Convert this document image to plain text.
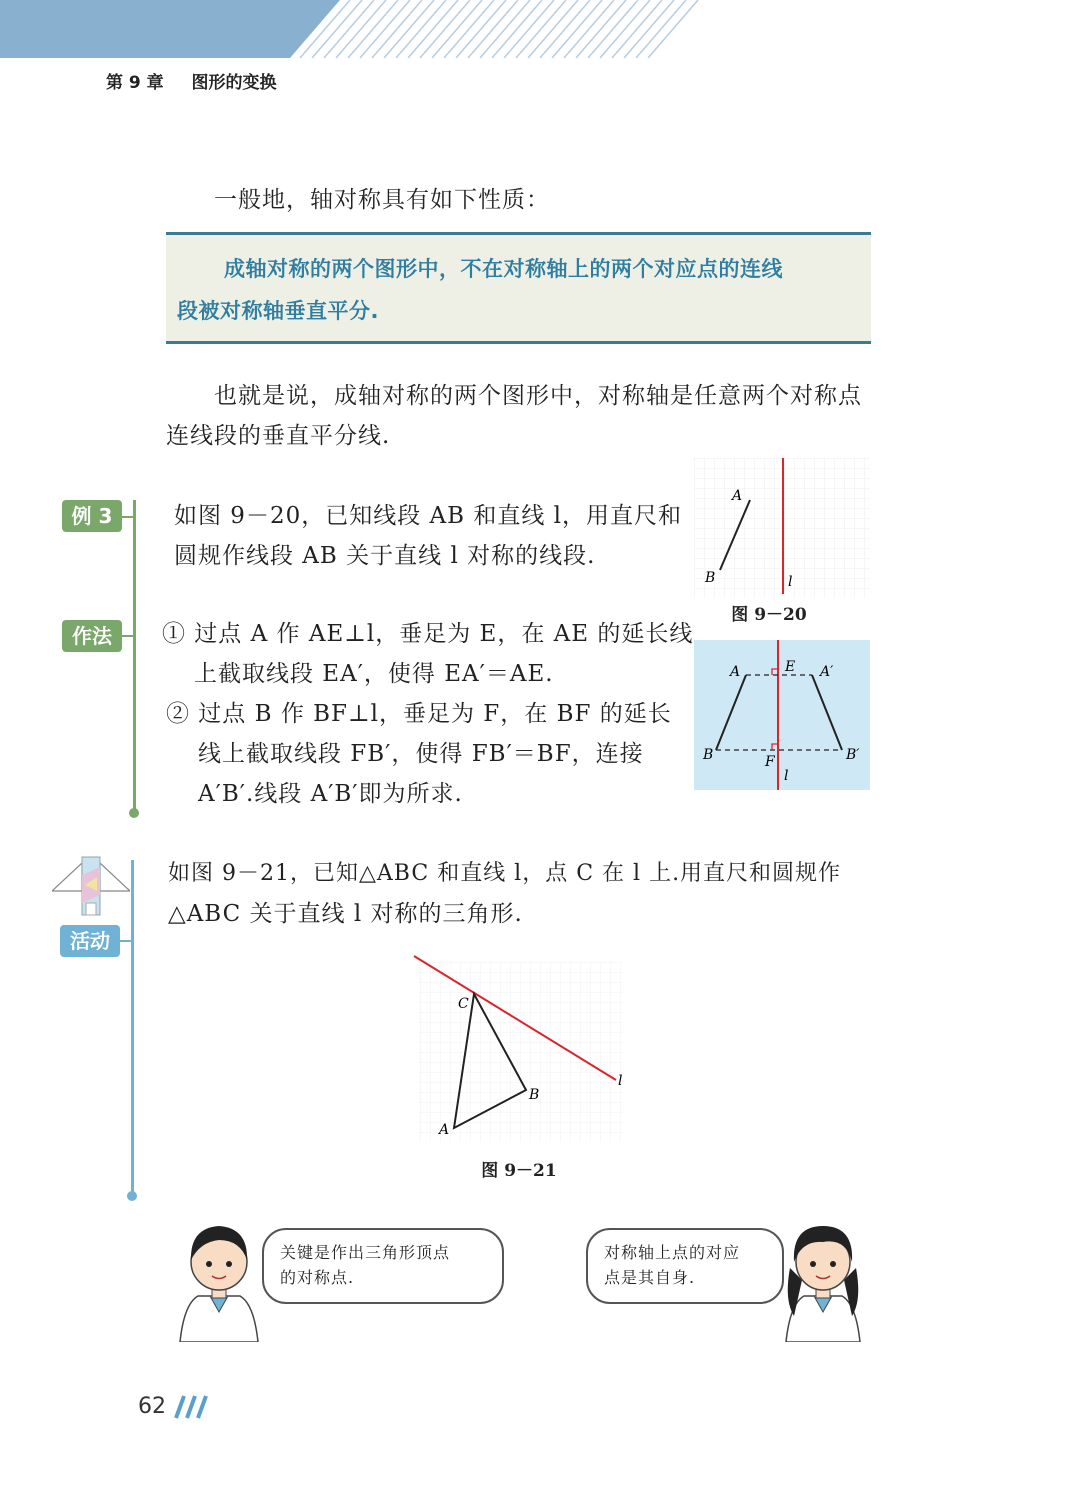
第 9 章 图形的变换
一般地，轴对称具有如下性质：
成轴对称的两个图形中，不在对称轴上的两个对应点的连线
段被对称轴垂直平分.
也就是说，成轴对称的两个图形中，对称轴是任意两个对称点
连线段的垂直平分线.
例 3	如图 9－20，已知线段 AB 和直线 l，用直尺和
圆规作线段 AB 关于直线 l 对称的线段.
作法	① 过点 A 作 AE⊥l，垂足为 E，在 AE 的延长线
上截取线段 EA′，使得 EA′＝AE.
② 过点 B 作 BF⊥l，垂足为 F，在 BF 的延长
线上截取线段 FB′，使得 FB′＝BF，连接
A′B′.线段 A′B′即为所求.
A
B	l
图 9－20
A	E A′
B	F	B′
l
活动
如图 9－21，已知△ABC 和直线 l，点 C 在 l 上.用直尺和圆规作
△ABC 关于直线 l 对称的三角形.
C
B
A
l
图 9－21
关键是作出三角形顶点
的对称点.
对称轴上点的对应
点是其自身.
62
